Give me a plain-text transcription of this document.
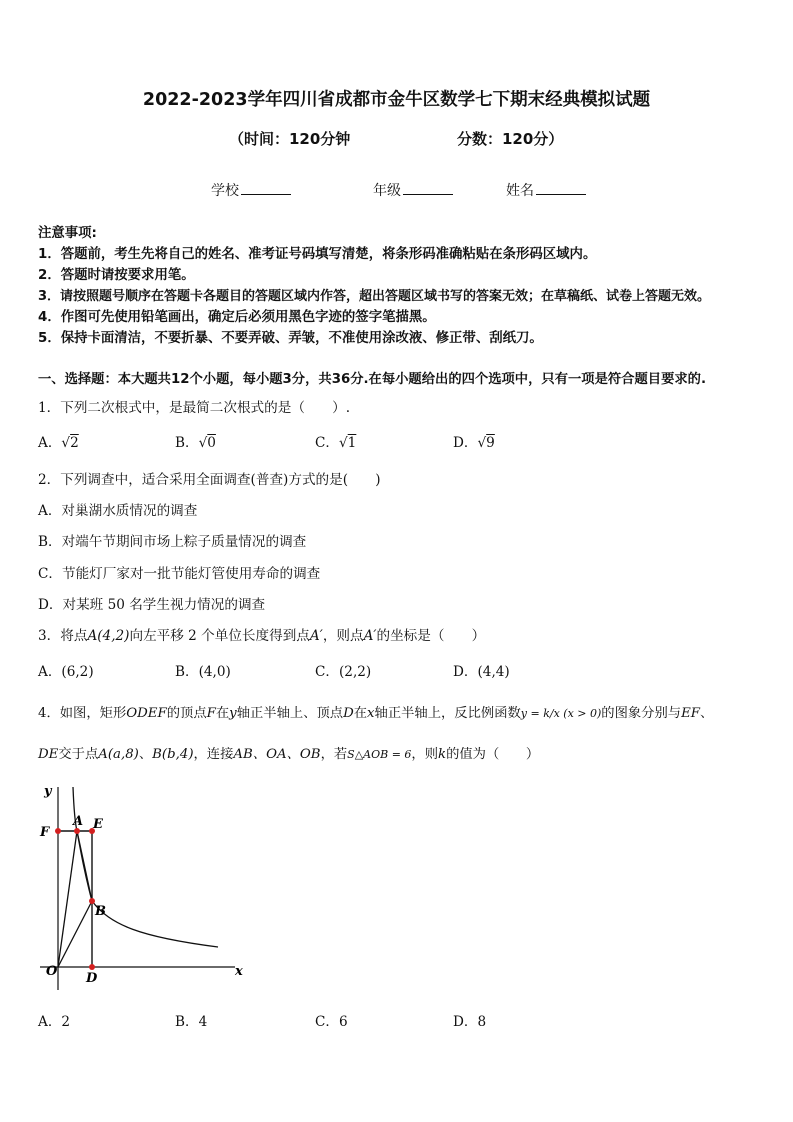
2022-2023学年四川省成都市金牛区数学七下期末经典模拟试题
（时间：120分钟	分数：120分）
学校	年级	姓名
注意事项:
1．答题前，考生先将自己的姓名、准考证号码填写清楚，将条形码准确粘贴在条形码区域内。
2．答题时请按要求用笔。
3．请按照题号顺序在答题卡各题目的答题区域内作答，超出答题区域书写的答案无效；在草稿纸、试卷上答题无效。
4．作图可先使用铅笔画出，确定后必须用黑色字迹的签字笔描黑。
5．保持卡面清洁，不要折暴、不要弄破、弄皱，不准使用涂改液、修正带、刮纸刀。
一、选择题：本大题共12个小题，每小题3分，共36分.在每小题给出的四个选项中，只有一项是符合题目要求的.
1．下列二次根式中，是最简二次根式的是（　　）.
A．√2	B．√0	C．√1	D．√9
2．下列调查中，适合采用全面调查(普查)方式的是(　　)
A．对巢湖水质情况的调查
B．对端午节期间市场上粽子质量情况的调查
C．节能灯厂家对一批节能灯管使用寿命的调查
D．对某班 50 名学生视力情况的调查
3．将点A(4,2)向左平移 2 个单位长度得到点A′，则点A′的坐标是（　　）
A．(6,2)	B．(4,0)	C．(2,2)	D．(4,4)
4．如图，矩形ODEF的顶点F在y轴正半轴上、顶点D在x轴正半轴上，反比例函数y = k/x (x > 0)的图象分别与EF、
DE交于点A(a,8)、B(b,4)，连接AB、OA、OB，若S△AOB = 6，则k的值为（　　）
y
x
O D
F
A E
B
A．2	B．4	C．6	D．8
